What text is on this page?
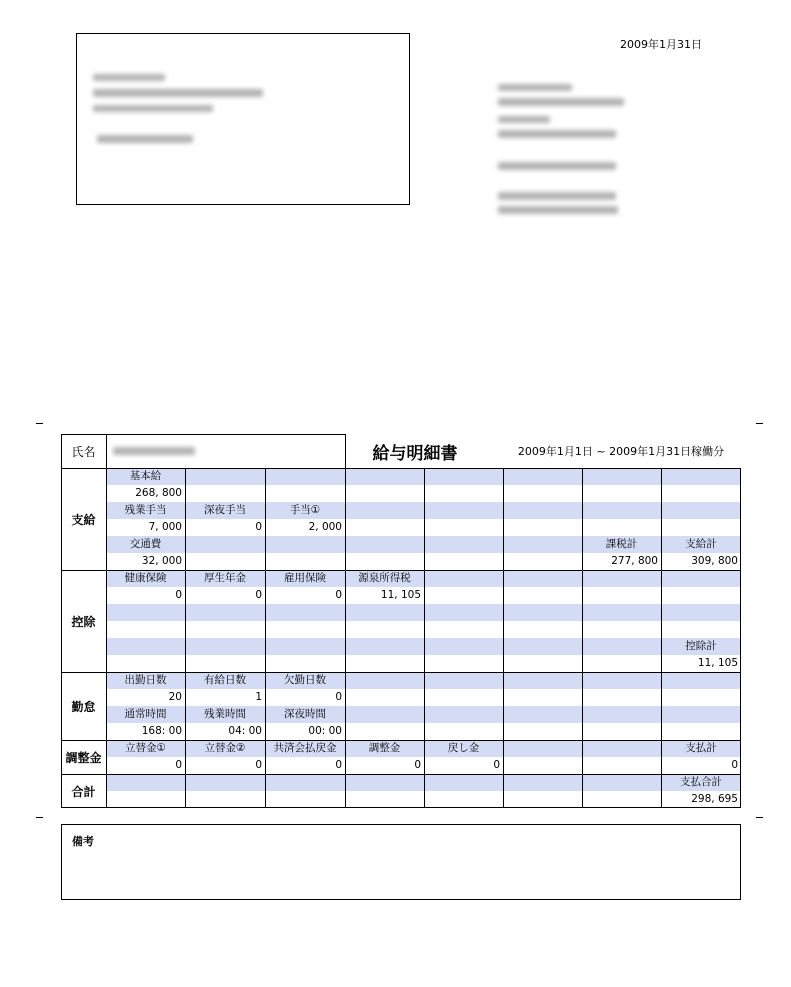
2009年1月31日
氏名	給与明細書	2009年1月1日 ~ 2009年1月31日稼働分
支給
控除
勤怠
調整金
合計
基本給
268, 800
残業手当
7, 000
深夜手当
0
手当①
2, 000
交通費
32, 000
課税計
277, 800
支給計
309, 800
健康保険
0
厚生年金
0
雇用保険
0
源泉所得税
11, 105
控除計
11, 105
出勤日数
20
有給日数
1
欠勤日数
0
通常時間
168: 00
残業時間
04: 00
深夜時間
00: 00
立替金①
0
立替金②
0
共済会払戻金
0
調整金
0
戻し金
0
支払計
0
支払合計
298, 695
備考
